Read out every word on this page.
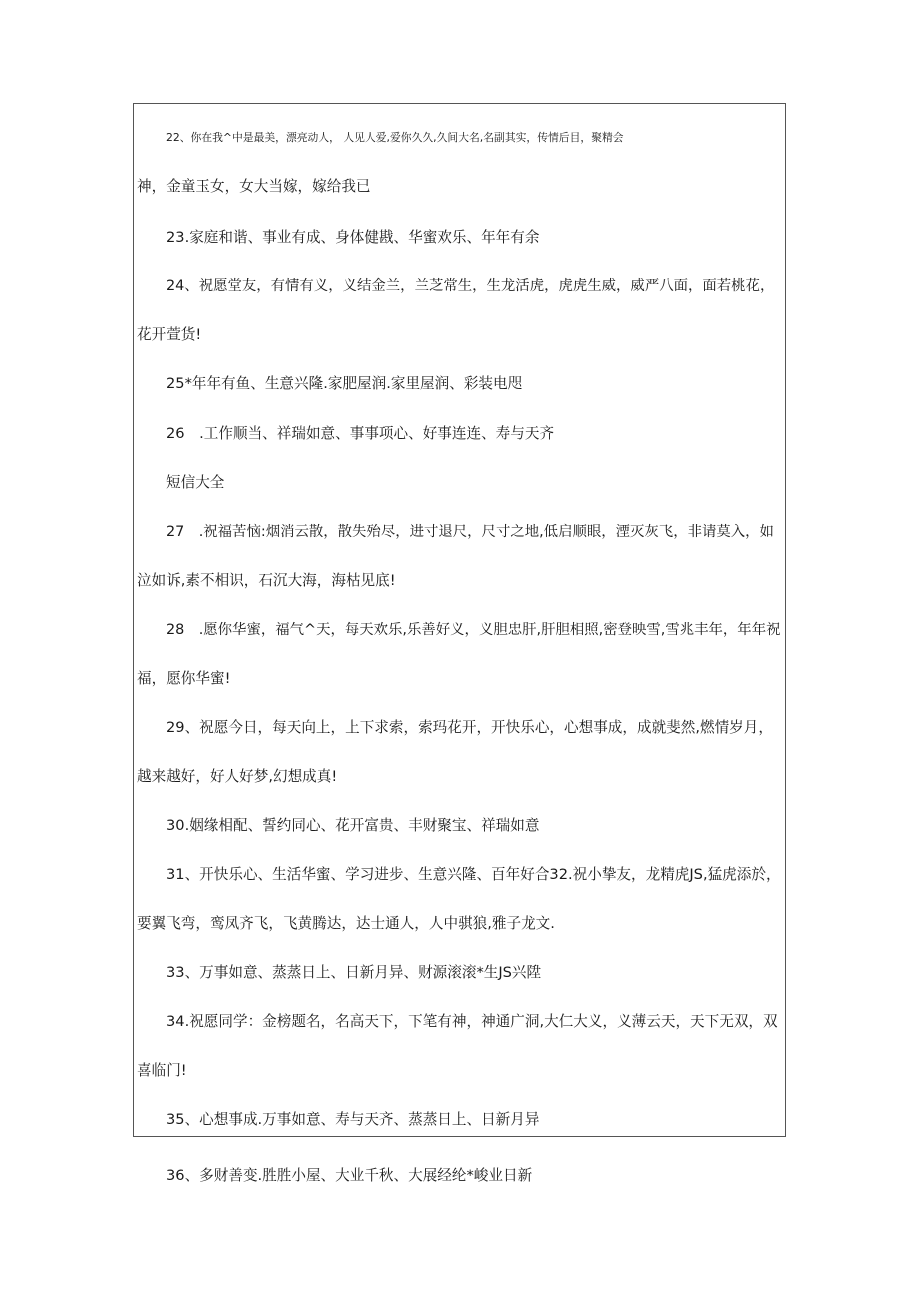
22、你在我^中是最美，漂亮动人， 人见人爱,爱你久久,久间大名,名副其实，传情后目，聚精会
神，金童玉女，女大当嫁，嫁给我已
23.家庭和谐、事业有成、身体健戡、华蜜欢乐、年年有余
24、祝愿堂友，有情有义，义结金兰，兰芝常生，生龙活虎，虎虎生威，威严八面，面若桃花，
花开萱货!
25*年年有鱼、生意兴隆.家肥屋润.家里屋润、彩装电咫
26　.工作顺当、祥瑞如意、事事项心、好事连连、寿与天齐
短信大全
27　.祝福苦恼:烟消云散，散失殆尽，进寸退尺，尺寸之地,低启顺眼，湮灭灰飞，非请莫入，如
泣如诉,素不相识，石沉大海，海枯见底!
28　.愿你华蜜，福气^天，每天欢乐,乐善好义，义胆忠肝,肝胆相照,密登映雪,雪兆丰年，年年祝
福，愿你华蜜!
29、祝愿今日，每天向上，上下求索，索玛花开，开快乐心，心想事成，成就斐然,燃情岁月，
越来越好，好人好梦,幻想成真!
30.姻缘相配、誓约同心、花开富贵、丰财聚宝、祥瑞如意
31、开快乐心、生活华蜜、学习进步、生意兴隆、百年好合32.祝小挚友，龙精虎JS,猛虎添於，
要翼飞弯，鸾凤齐飞，飞黄腾达，达士通人，人中骐狼,雅子龙文.
33、万事如意、蒸蒸日上、日新月异、财源滚滚*生JS兴陞
34.祝愿同学：金榜题名，名高天下，下笔有神，神通广洞,大仁大义，义薄云天，天下无双，双
喜临门!
35、心想事成.万事如意、寿与天齐、蒸蒸日上、日新月异
36、多财善变.胜胜小屋、大业千秋、大展经纶*峻业日新
